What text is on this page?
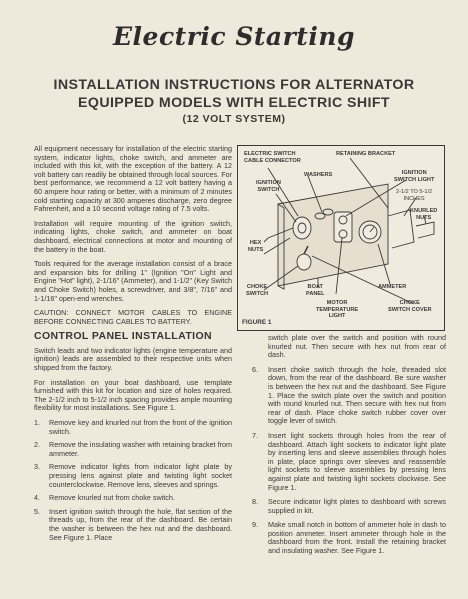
Electric Starting
INSTALLATION INSTRUCTIONS FOR ALTERNATOR
EQUIPPED MODELS WITH ELECTRIC SHIFT
(12 VOLT SYSTEM)

All equipment necessary for installation of the electric starting system, indicator lights, choke switch, and ammeter are included with this kit, with the exception of the battery. A 12 volt battery can readily be obtained through local sources. For best performance, we recommend a 12 volt battery having a 60 ampere hour rating or better, with a minimum of 2 minutes cold starting capacity at 300 amperes discharge, zero degree Fahrenheit, and a 10 second voltage rating of 7.5 volts.

Installation will require mounting of the ignition switch, indicating lights, choke switch, and ammeter on boat dashboard, electrical connections at motor and mounting of the battery in the boat.

Tools required for the average installation consist of a brace and expansion bits for drilling 1" (Ignition "On" Light and Engine "Hot" light), 2-1/16" (Ammeter), and 1-1/2" (Key Switch and Choke Switch) holes, a screwdriver, and 3/8", 7/16" and 1-1/16" open-end wrenches.

CAUTION: CONNECT MOTOR CABLES TO ENGINE BEFORE CONNECTING CABLES TO BATTERY.

CONTROL PANEL INSTALLATION

Switch leads and two indicator lights (engine temperature and ignition) leads are assembled to their respective units when shipped from the factory.

For installation on your boat dashboard, use template furnished with this kit for location and size of holes required. The 2-1/2 inch to 5-1/2 inch spacing provides ample mounting flexibility for most installations. See Figure 1.

1. Remove key and knurled nut from the front of the ignition switch.
2. Remove the insulating washer with retaining bracket from ammeter.
3. Remove indicator lights from indicator light plate by pressing lens against plate and twisting light socket counterclockwise. Remove lens, sleeves and springs.
4. Remove knurled nut from choke switch.
5. Insert ignition switch through the hole, flat section of the threads up, from the rear of the dashboard. Be certain the washer is between the hex nut and the dashboard. See Figure 1. Place
ELECTRIC SWITCH
CABLE CONNECTOR
RETAINING BRACKET
WASHERS
IGNITION
SWITCH
IGNITION
SWITCH LIGHT
2-1/2 TO 5-1/2
INCHES
KNURLED
NUTS
HEX
NUTS
CHOKE
SWITCH
BOAT
PANEL
AMMETER
MOTOR
TEMPERATURE
LIGHT
CHOKE
SWITCH COVER
FIGURE 1

switch plate over the switch and position with round knurled nut. Then secure with hex nut from rear of dash.

6. Insert choke switch through the hole, threaded slot down, from the rear of the dashboard. Be sure washer is between the hex nut and the dashboard. See Figure 1. Place the switch plate over the switch and position with round knurled nut. Then secure with hex nut from rear of dash. Place choke switch rubber cover over toggle lever of switch.
7. Insert light sockets through holes from the rear of dashboard. Attach light sockets to indicator light plate by inserting lens and sleeve assemblies through holes in plate, place springs over sleeves and reassemble light sockets to sleeve assemblies by pressing lens against plate and twisting light sockets clockwise. See Figure 1.
8. Secure indicator light plates to dashboard with screws supplied in kit.
9. Make small notch in bottom of ammeter hole in dash to position ammeter. Insert ammeter through hole in the dashboard from the front. Install the retaining bracket and insulating washer. See Figure 1.
